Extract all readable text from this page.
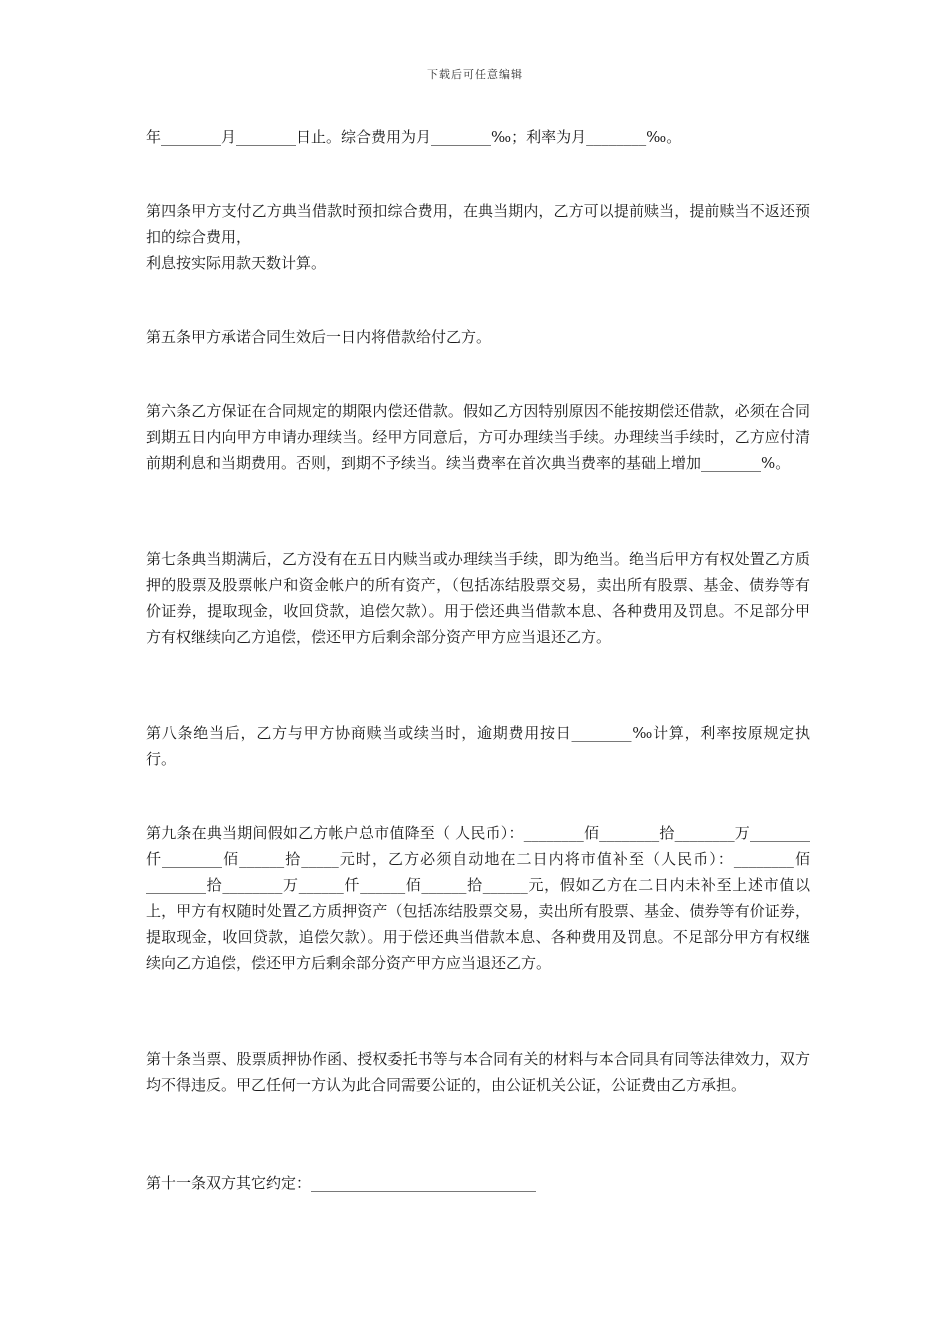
下载后可任意编辑
年________月________日止。综合费用为月________‰；利率为月________‰。
第四条甲方支付乙方典当借款时预扣综合费用，在典当期内，乙方可以提前赎当，提前赎当不返还预扣的综合费用，
利息按实际用款天数计算。
第五条甲方承诺合同生效后一日内将借款给付乙方。
第六条乙方保证在合同规定的期限内偿还借款。假如乙方因特别原因不能按期偿还借款，必须在合同到期五日内向甲方申请办理续当。经甲方同意后，方可办理续当手续。办理续当手续时，乙方应付清前期利息和当期费用。否则，到期不予续当。续当费率在首次典当费率的基础上增加________%。
第七条典当期满后，乙方没有在五日内赎当或办理续当手续，即为绝当。绝当后甲方有权处置乙方质押的股票及股票帐户和资金帐户的所有资产，（包括冻结股票交易，卖出所有股票、基金、债券等有价证券，提取现金，收回贷款，追偿欠款）。用于偿还典当借款本息、各种费用及罚息。不足部分甲方有权继续向乙方追偿，偿还甲方后剩余部分资产甲方应当退还乙方。
第八条绝当后，乙方与甲方协商赎当或续当时，逾期费用按日________‰计算，利率按原规定执行。
第九条在典当期间假如乙方帐户总市值降至（ 人民币）：________佰________拾________万________仟________佰______拾_____元时，乙方必须自动地在二日内将市值补至（人民币）：________佰________拾________万______仟______佰______拾______元，假如乙方在二日内未补至上述市值以上，甲方有权随时处置乙方质押资产（包括冻结股票交易，卖出所有股票、基金、债券等有价证券，提取现金，收回贷款，追偿欠款）。用于偿还典当借款本息、各种费用及罚息。不足部分甲方有权继续向乙方追偿，偿还甲方后剩余部分资产甲方应当退还乙方。
第十条当票、股票质押协作函、授权委托书等与本合同有关的材料与本合同具有同等法律效力，双方均不得违反。甲乙任何一方认为此合同需要公证的，由公证机关公证，公证费由乙方承担。
第十一条双方其它约定：______________________________
